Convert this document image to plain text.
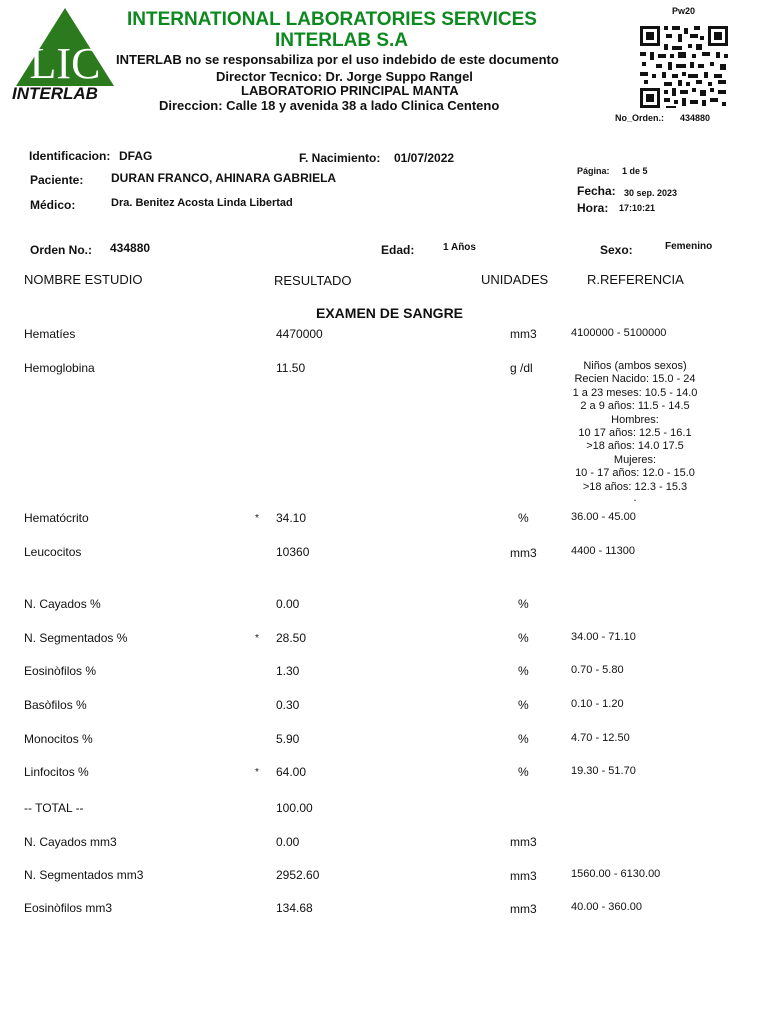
LIC
INTERLAB
INTERNATIONAL LABORATORIES SERVICES
INTERLAB S.A
INTERLAB no se responsabiliza por el uso indebido de este documento
Director Tecnico: Dr. Jorge Suppo Rangel
LABORATORIO PRINCIPAL MANTA
Direccion: Calle 18 y avenida 38 a lado Clinica Centeno
Pw20
No_Orden.: 434880
Identificacion: DFAG	F. Nacimiento: 01/07/2022
Paciente: DURAN FRANCO, AHINARA GABRIELA
Médico:	Dra. Benitez Acosta Linda Libertad
Página: 1 de 5
Fecha: 30 sep. 2023
Hora: 17:10:21
Orden No.: 434880	Edad:	1 Años	Sexo:	Femenino
NOMBRE ESTUDIO	RESULTADO	UNIDADES	R.REFERENCIA
EXAMEN DE SANGRE
Hematíes	4470000	mm3	4100000 - 5100000
Hemoglobina	11.50	g /dl	Niños (ambos sexos)
Recien Nacido: 15.0 - 24
1 a 23 meses: 10.5 - 14.0
2 a 9 años: 11.5 - 14.5
Hombres:
10 17 años: 12.5 - 16.1
>18 años: 14.0 17.5
Mujeres:
10 - 17 años: 12.0 - 15.0
>18 años: 12.3 - 15.3
.
Hematócrito	* 34.10	%	36.00 - 45.00
Leucocitos	10360	mm3	4400 - 11300
N. Cayados %	0.00	%
N. Segmentados %	* 28.50	%	34.00 - 71.10
Eosinòfilos %	1.30	%	0.70 - 5.80
Basòfilos %	0.30	%	0.10 - 1.20
Monocitos %	5.90	%	4.70 - 12.50
Linfocitos %	* 64.00	%	19.30 - 51.70
-- TOTAL --	100.00
N. Cayados mm3	0.00	mm3
N. Segmentados mm3	2952.60	mm3	1560.00 - 6130.00
Eosinòfilos mm3	134.68	mm3	40.00 - 360.00
